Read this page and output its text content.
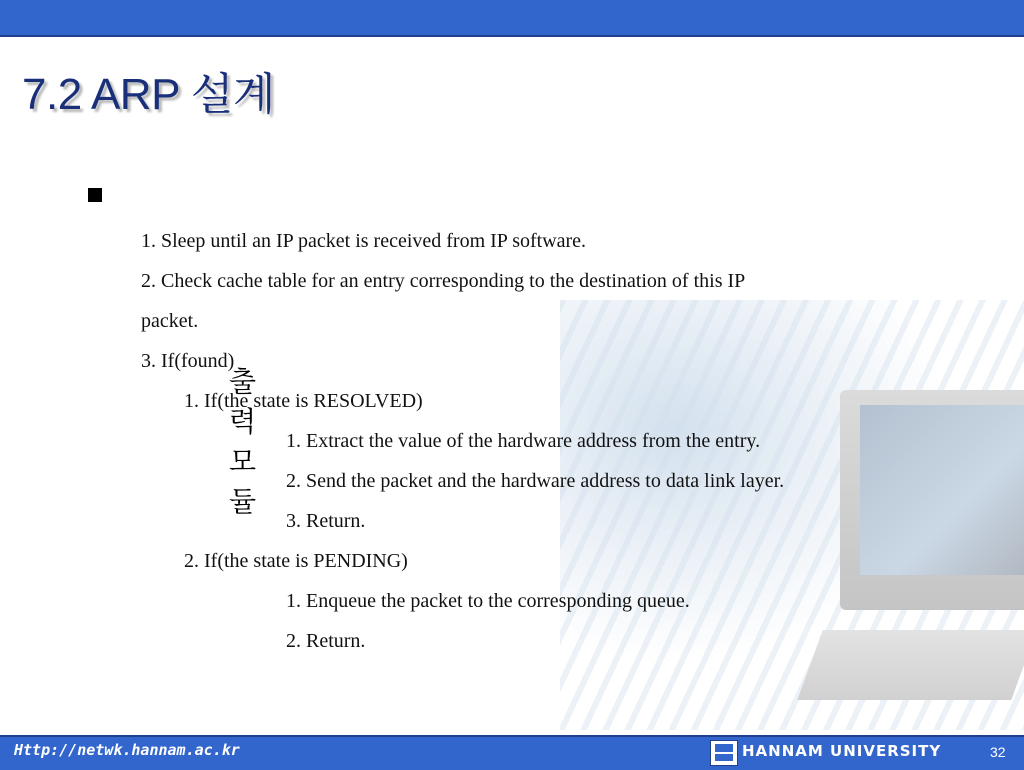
7.2 ARP 설계
출력 모듈
1. Sleep until an IP packet is received from IP software.
2. Check cache table for an entry corresponding to the destination of this IP
packet.
3. If(found)
1. If(the state is RESOLVED)
1. Extract the value of the hardware address from the entry.
2. Send the packet and the hardware address to data link layer.
3. Return.
2. If(the state is PENDING)
1. Enqueue the packet to the corresponding queue.
2. Return.
Http://netwk.hannam.ac.kr	HANNAM UNIVERSITY	32
